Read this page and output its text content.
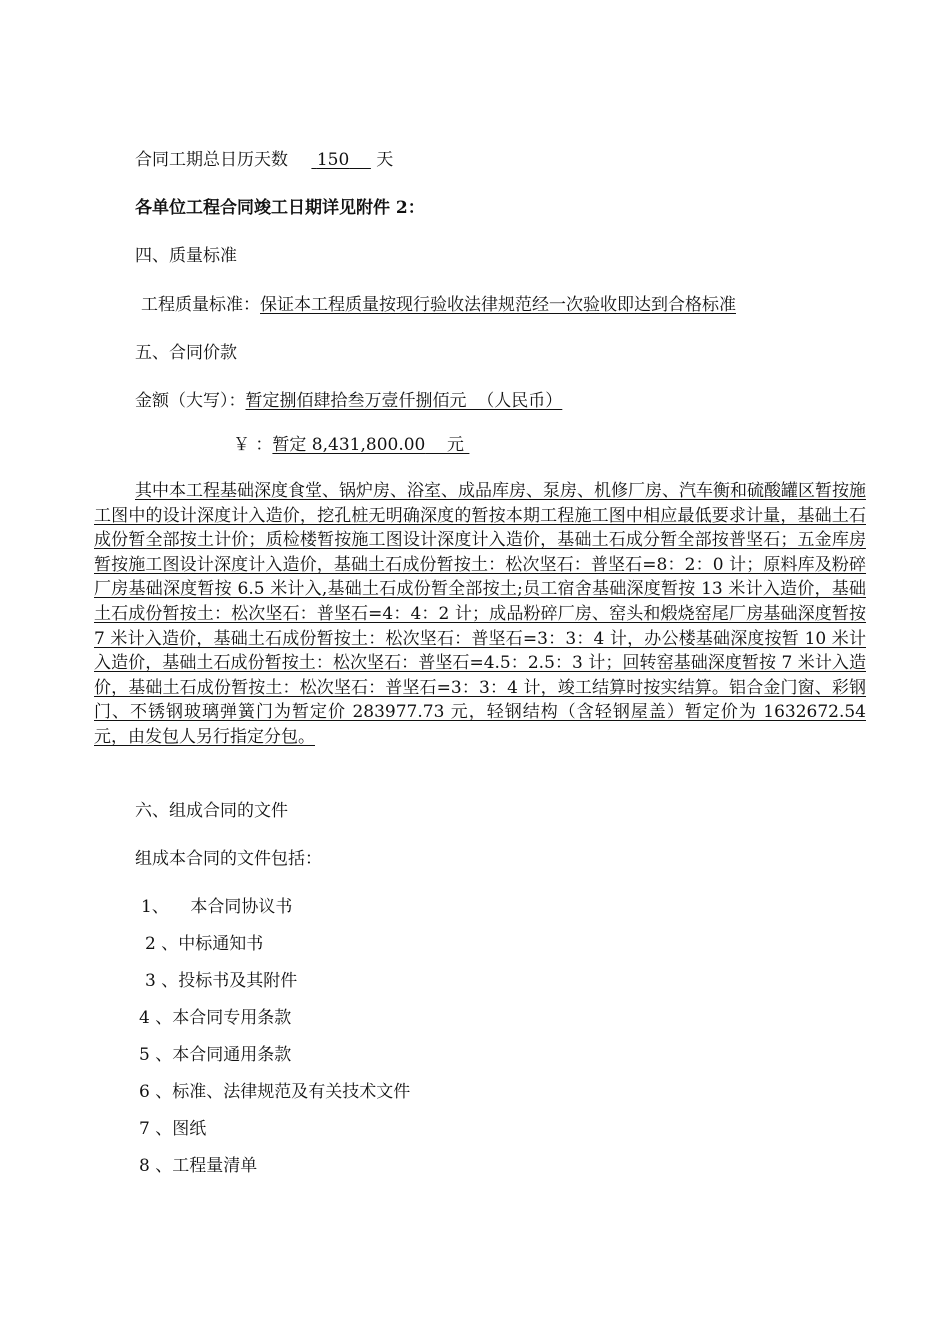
合同工期总日历天数 150 天
各单位工程合同竣工日期详见附件 2：
四、质量标准
工程质量标准：保证本工程质量按现行验收法律规范经一次验收即达到合格标准
五、合同价款
金额（大写）：暂定捌佰肆拾叁万壹仟捌佰元  （人民币）
￥ ：暂定 8,431,800.00 元
其中本工程基础深度食堂、锅炉房、浴室、成品库房、泵房、机修厂房、汽车衡和硫酸罐区暂按施工图中的设计深度计入造价，挖孔桩无明确深度的暂按本期工程施工图中相应最低要求计量，基础土石成份暂全部按土计价；质检楼暂按施工图设计深度计入造价，基础土石成分暂全部按普坚石；五金库房暂按施工图设计深度计入造价，基础土石成份暂按土：松次坚石：普坚石=8：2：0 计；原料库及粉碎厂房基础深度暂按 6.5 米计入,基础土石成份暂全部按土;员工宿舍基础深度暂按 13 米计入造价，基础土石成份暂按土：松次坚石：普坚石=4：4：2 计；成品粉碎厂房、窑头和煅烧窑尾厂房基础深度暂按 7 米计入造价，基础土石成份暂按土：松次坚石：普坚石=3：3：4 计，办公楼基础深度按暂 10 米计入造价，基础土石成份暂按土：松次坚石：普坚石=4.5：2.5：3 计；回转窑基础深度暂按 7 米计入造价，基础土石成份暂按土：松次坚石：普坚石=3：3：4 计，竣工结算时按实结算。铝合金门窗、彩钢门、不锈钢玻璃弹簧门为暂定价 283977.73 元，轻钢结构（含轻钢屋盖）暂定价为 1632672.54 元，由发包人另行指定分包。
六、组成合同的文件
组成本合同的文件包括：
1、    本合同协议书
2 、中标通知书
3 、投标书及其附件
4 、本合同专用条款
5 、本合同通用条款
6 、标准、法律规范及有关技术文件
7 、图纸
8 、工程量清单
